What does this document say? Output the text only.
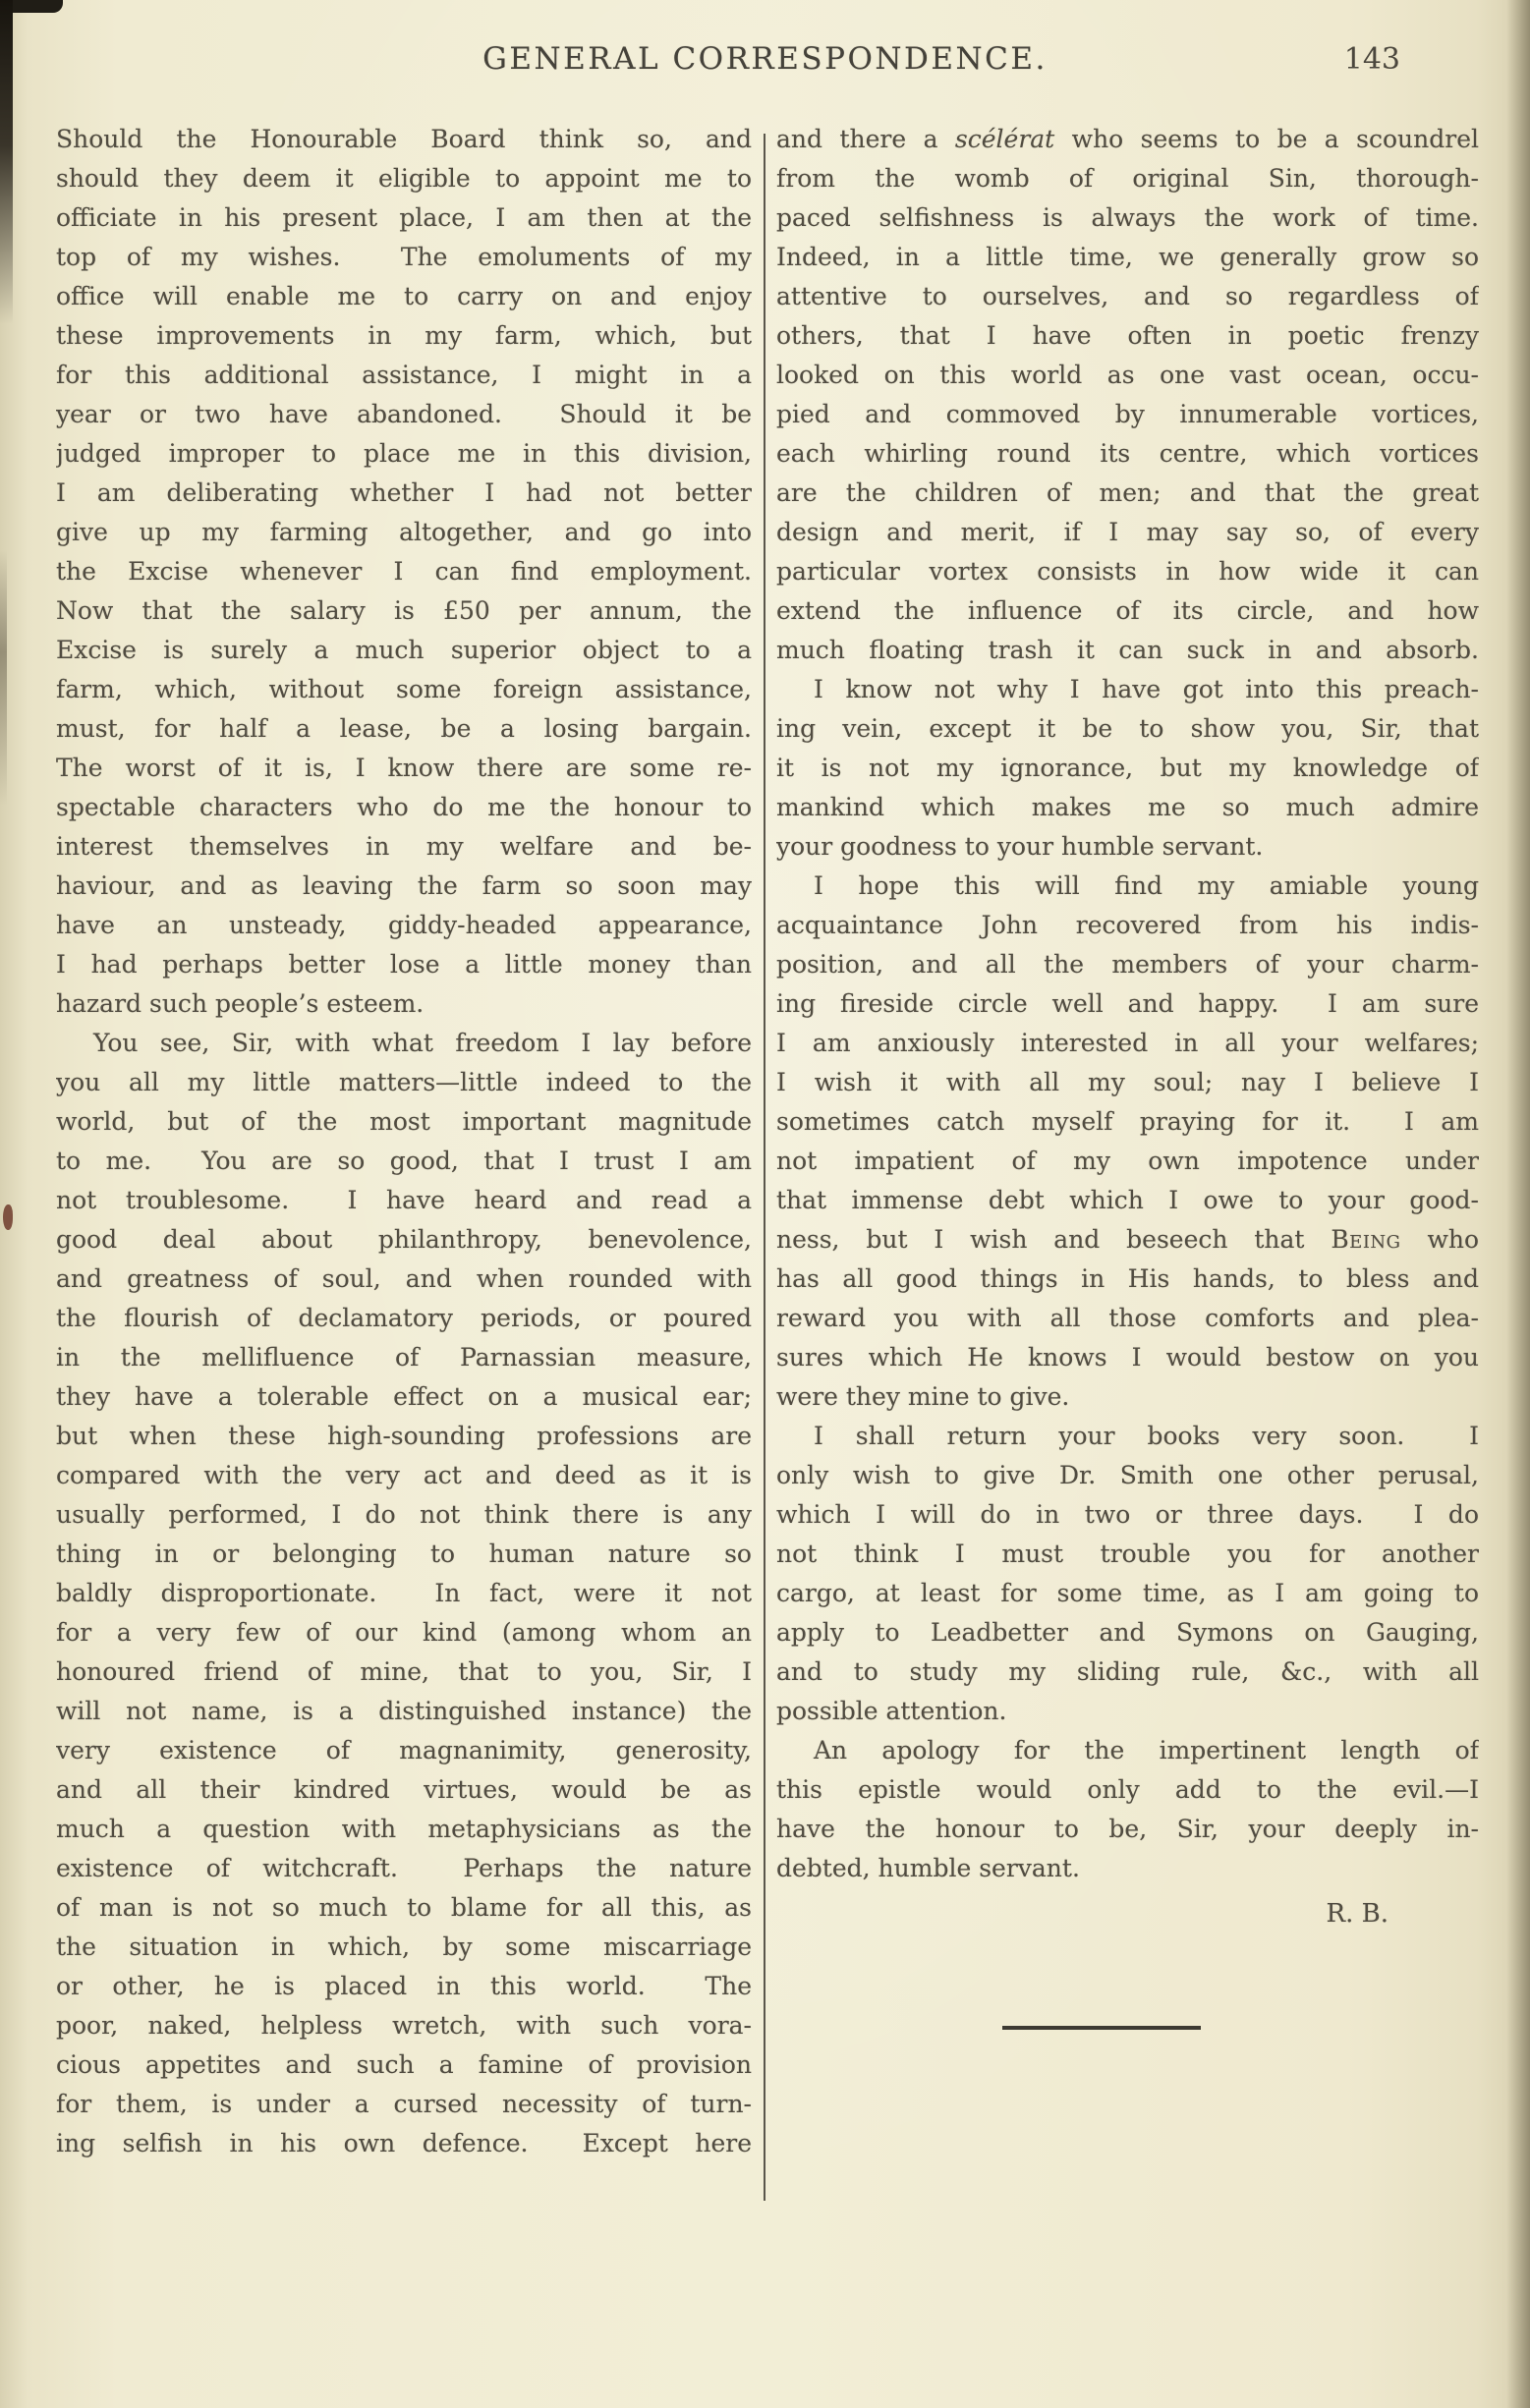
GENERAL CORRESPONDENCE.	143
Should the Honourable Board think so, and
should they deem it eligible to appoint me to
officiate in his present place, I am then at the
top of my wishes.  The emoluments of my
office will enable me to carry on and enjoy
these improvements in my farm, which, but
for this additional assistance, I might in a
year or two have abandoned.  Should it be
judged improper to place me in this division,
I am deliberating whether I had not better
give up my farming altogether, and go into
the Excise whenever I can find employment.
Now that the salary is £50 per annum, the
Excise is surely a much superior object to a
farm, which, without some foreign assistance,
must, for half a lease, be a losing bargain.
The worst of it is, I know there are some re-
spectable characters who do me the honour to
interest themselves in my welfare and be-
haviour, and as leaving the farm so soon may
have an unsteady, giddy-headed appearance,
I had perhaps better lose a little money than
hazard such people’s esteem.
You see, Sir, with what freedom I lay before
you all my little matters—little indeed to the
world, but of the most important magnitude
to me.  You are so good, that I trust I am
not troublesome.  I have heard and read a
good deal about philanthropy, benevolence,
and greatness of soul, and when rounded with
the flourish of declamatory periods, or poured
in the mellifluence of Parnassian measure,
they have a tolerable effect on a musical ear;
but when these high-sounding professions are
compared with the very act and deed as it is
usually performed, I do not think there is any
thing in or belonging to human nature so
baldly disproportionate.  In fact, were it not
for a very few of our kind (among whom an
honoured friend of mine, that to you, Sir, I
will not name, is a distinguished instance) the
very existence of magnanimity, generosity,
and all their kindred virtues, would be as
much a question with metaphysicians as the
existence of witchcraft.  Perhaps the nature
of man is not so much to blame for all this, as
the situation in which, by some miscarriage
or other, he is placed in this world.  The
poor, naked, helpless wretch, with such vora-
cious appetites and such a famine of provision
for them, is under a cursed necessity of turn-
ing selfish in his own defence.  Except here
and there a scélérat who seems to be a scoundrel
from the womb of original Sin, thorough-
paced selfishness is always the work of time.
Indeed, in a little time, we generally grow so
attentive to ourselves, and so regardless of
others, that I have often in poetic frenzy
looked on this world as one vast ocean, occu-
pied and commoved by innumerable vortices,
each whirling round its centre, which vortices
are the children of men; and that the great
design and merit, if I may say so, of every
particular vortex consists in how wide it can
extend the influence of its circle, and how
much floating trash it can suck in and absorb.
I know not why I have got into this preach-
ing vein, except it be to show you, Sir, that
it is not my ignorance, but my knowledge of
mankind which makes me so much admire
your goodness to your humble servant.
I hope this will find my amiable young
acquaintance John recovered from his indis-
position, and all the members of your charm-
ing fireside circle well and happy.  I am sure
I am anxiously interested in all your welfares;
I wish it with all my soul; nay I believe I
sometimes catch myself praying for it.  I am
not impatient of my own impotence under
that immense debt which I owe to your good-
ness, but I wish and beseech that Being who
has all good things in His hands, to bless and
reward you with all those comforts and plea-
sures which He knows I would bestow on you
were they mine to give.
I shall return your books very soon.  I
only wish to give Dr. Smith one other perusal,
which I will do in two or three days.  I do
not think I must trouble you for another
cargo, at least for some time, as I am going to
apply to Leadbetter and Symons on Gauging,
and to study my sliding rule, &c., with all
possible attention.
An apology for the impertinent length of
this epistle would only add to the evil.—I
have the honour to be, Sir, your deeply in-
debted, humble servant.
R. B.
